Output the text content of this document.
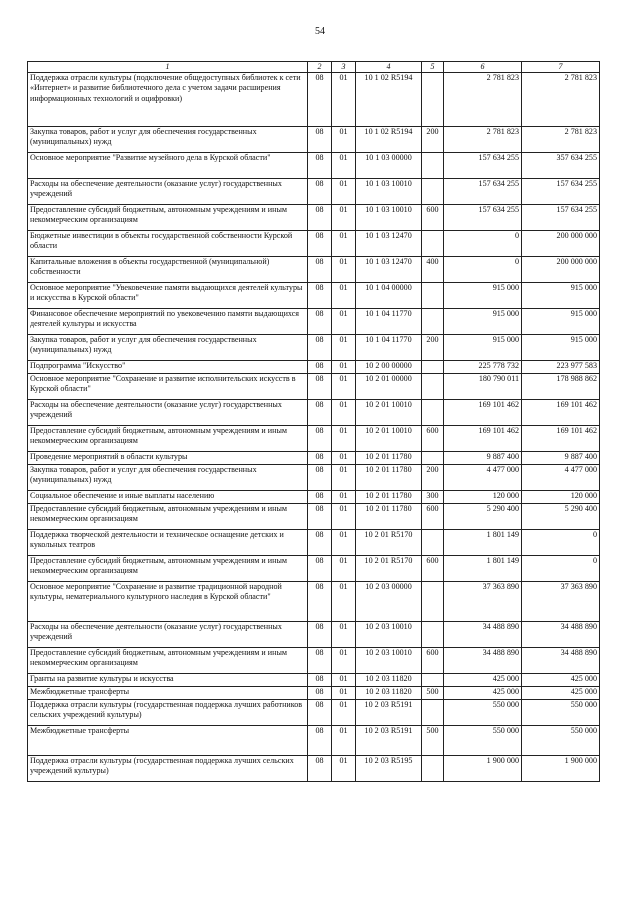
54
1	2	3	4	5	6	7
Поддержка отрасли культуры (подключение общедоступных библиотек к сети «Интернет» и развитие библиотечного дела с учетом задачи расширения информационных технологий и оцифровки)	08	01	10 1 02 R5194		2 781 823	2 781 823
Закупка товаров, работ и услуг для обеспечения государственных (муниципальных) нужд	08	01	10 1 02 R5194	200	2 781 823	2 781 823
Основное мероприятие "Развитие музейного дела в Курской области"	08	01	10 1 03 00000		157 634 255	357 634 255
Расходы на обеспечение деятельности (оказание услуг) государственных учреждений	08	01	10 1 03 10010		157 634 255	157 634 255
Предоставление субсидий бюджетным, автономным учреждениям и иным некоммерческим организациям	08	01	10 1 03 10010	600	157 634 255	157 634 255
Бюджетные инвестиции в объекты государственной собственности Курской области	08	01	10 1 03 12470		0	200 000 000
Капитальные вложения в объекты государственной (муниципальной) собственности	08	01	10 1 03 12470	400	0	200 000 000
Основное мероприятие "Увековечение памяти выдающихся деятелей культуры и искусства в Курской области"	08	01	10 1 04 00000		915 000	915 000
Финансовое обеспечение мероприятий по увековечению памяти выдающихся деятелей культуры и искусства	08	01	10 1 04 11770		915 000	915 000
Закупка товаров, работ и услуг для обеспечения государственных (муниципальных) нужд	08	01	10 1 04 11770	200	915 000	915 000
Подпрограмма "Искусство"	08	01	10 2 00 00000		225 778 732	223 977 583
Основное мероприятие "Сохранение и развитие исполнительских искусств в Курской области"	08	01	10 2 01 00000		180 790 011	178 988 862
Расходы на обеспечение деятельности (оказание услуг) государственных учреждений	08	01	10 2 01 10010		169 101 462	169 101 462
Предоставление субсидий бюджетным, автономным учреждениям и иным некоммерческим организациям	08	01	10 2 01 10010	600	169 101 462	169 101 462
Проведение мероприятий в области культуры	08	01	10 2 01 11780		9 887 400	9 887 400
Закупка товаров, работ и услуг для обеспечения государственных (муниципальных) нужд	08	01	10 2 01 11780	200	4 477 000	4 477 000
Социальное обеспечение и иные выплаты населению	08	01	10 2 01 11780	300	120 000	120 000
Предоставление субсидий бюджетным, автономным учреждениям и иным некоммерческим организациям	08	01	10 2 01 11780	600	5 290 400	5 290 400
Поддержка творческой деятельности и техническое оснащение детских и кукольных театров	08	01	10 2 01 R5170		1 801 149	0
Предоставление субсидий бюджетным, автономным учреждениям и иным некоммерческим организациям	08	01	10 2 01 R5170	600	1 801 149	0
Основное мероприятие "Сохранение и развитие традиционной народной культуры, нематериального культурного наследия в Курской области"	08	01	10 2 03 00000		37 363 890	37 363 890
Расходы на обеспечение деятельности (оказание услуг) государственных учреждений	08	01	10 2 03 10010		34 488 890	34 488 890
Предоставление субсидий бюджетным, автономным учреждениям и иным некоммерческим организациям	08	01	10 2 03 10010	600	34 488 890	34 488 890
Гранты на развитие культуры и искусства	08	01	10 2 03 11820		425 000	425 000
Межбюджетные трансферты	08	01	10 2 03 11820	500	425 000	425 000
Поддержка отрасли культуры (государственная поддержка лучших работников сельских учреждений культуры)	08	01	10 2 03 R5191		550 000	550 000
Межбюджетные трансферты	08	01	10 2 03 R5191	500	550 000	550 000
Поддержка отрасли культуры (государственная поддержка лучших сельских учреждений культуры)	08	01	10 2 03 R5195		1 900 000	1 900 000
